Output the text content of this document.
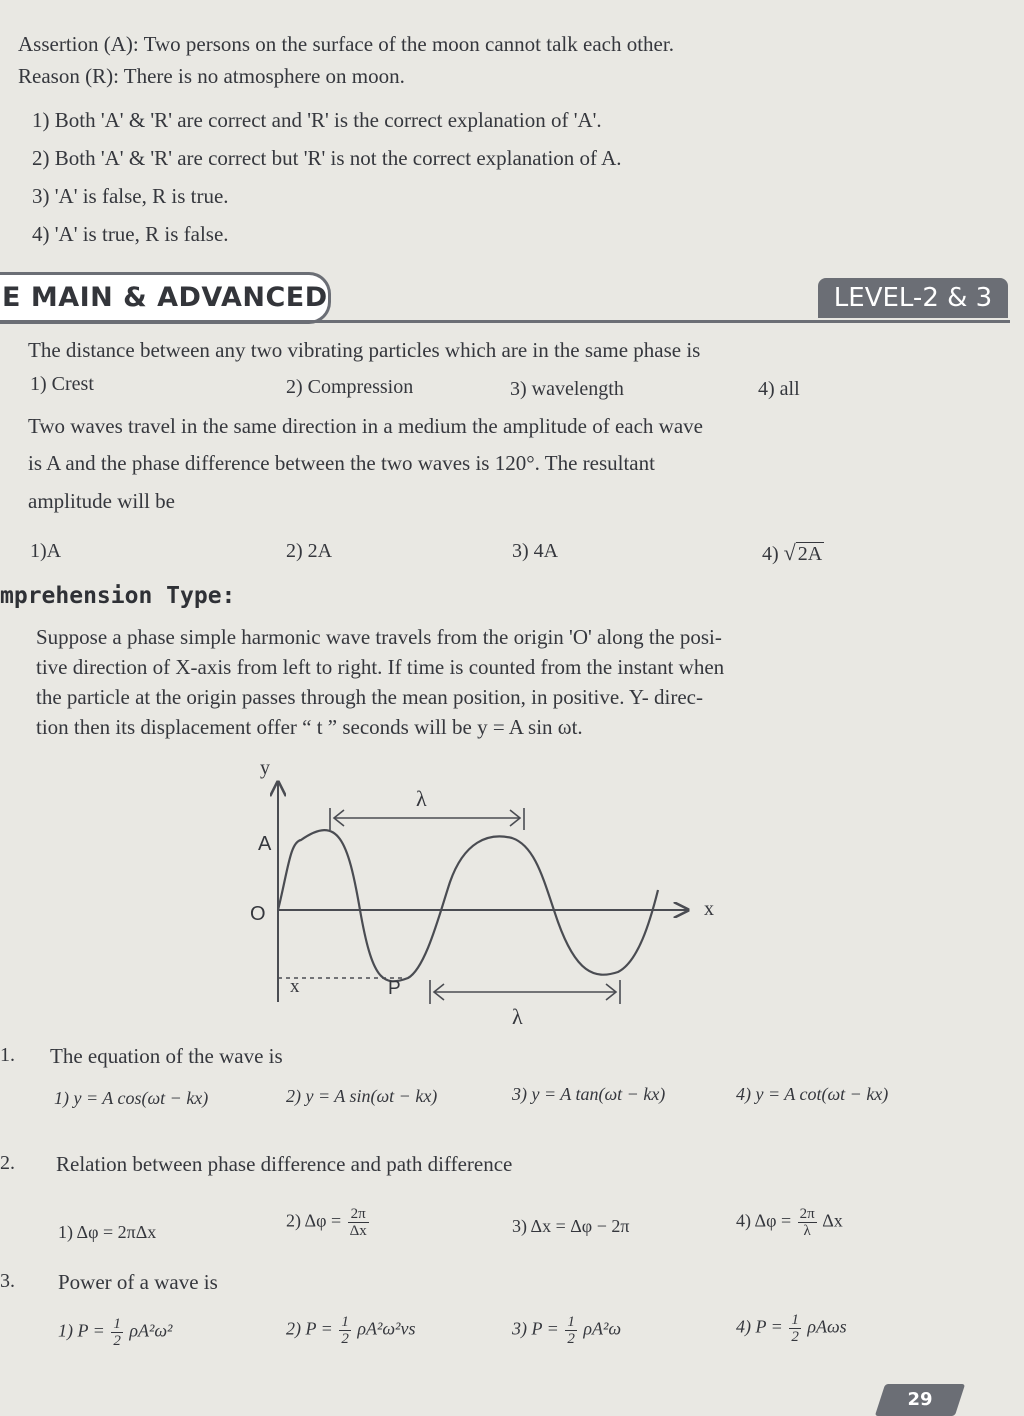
Assertion (A): Two persons on the surface of the moon cannot talk each other.
Reason (R): There is no atmosphere on moon.
1) Both 'A' & 'R' are correct and 'R' is the correct explanation of 'A'.
2) Both 'A' & 'R' are correct but 'R' is not the correct explanation of A.
3) 'A' is false, R is true.
4) 'A' is true, R is false.
E MAIN & ADVANCED	LEVEL-2 & 3
The distance between any two vibrating particles which are in the same phase is
1) Crest	2) Compression	3) wavelength	4) all
Two waves travel in the same direction in a medium the amplitude of each wave
is A and the phase difference between the two waves is 120°. The resultant
amplitude will be
1)A	2) 2A	3) 4A	4) √ 2A
mprehension Type:
Suppose a phase simple harmonic wave travels from the origin 'O' along the posi-
tive direction of X-axis from left to right. If time is counted from the instant when
the particle at the origin passes through the mean position, in positive. Y- direc-
tion then its displacement offer “ t ” seconds will be y = A sin ωt.
y
x
O
A
x	P
λ
λ
1. The equation of the wave is
1) y = A cos(ωt − kx)	2) y = A sin(ωt − kx)	3) y = A tan(ωt − kx)	4) y = A cot(ωt − kx)
2. Relation between phase difference and path difference
1) Δφ = 2πΔx
2) $\Delta\varphi = \frac{2\pi}{\Delta x}$	3) Δx = Δφ − 2π	4) $\Delta\varphi = \frac{2\pi}{\lambda}$ Δx
3. Power of a wave is
1) $P = \frac{1}{2} \rho A^2\omega^2$	2) $P = \frac{1}{2} \rho A^2\omega^2vs$	3) $P = \frac{1}{2} \rho A^2\omega$	4) $P = \frac{1}{2}$ ρAωs
29
